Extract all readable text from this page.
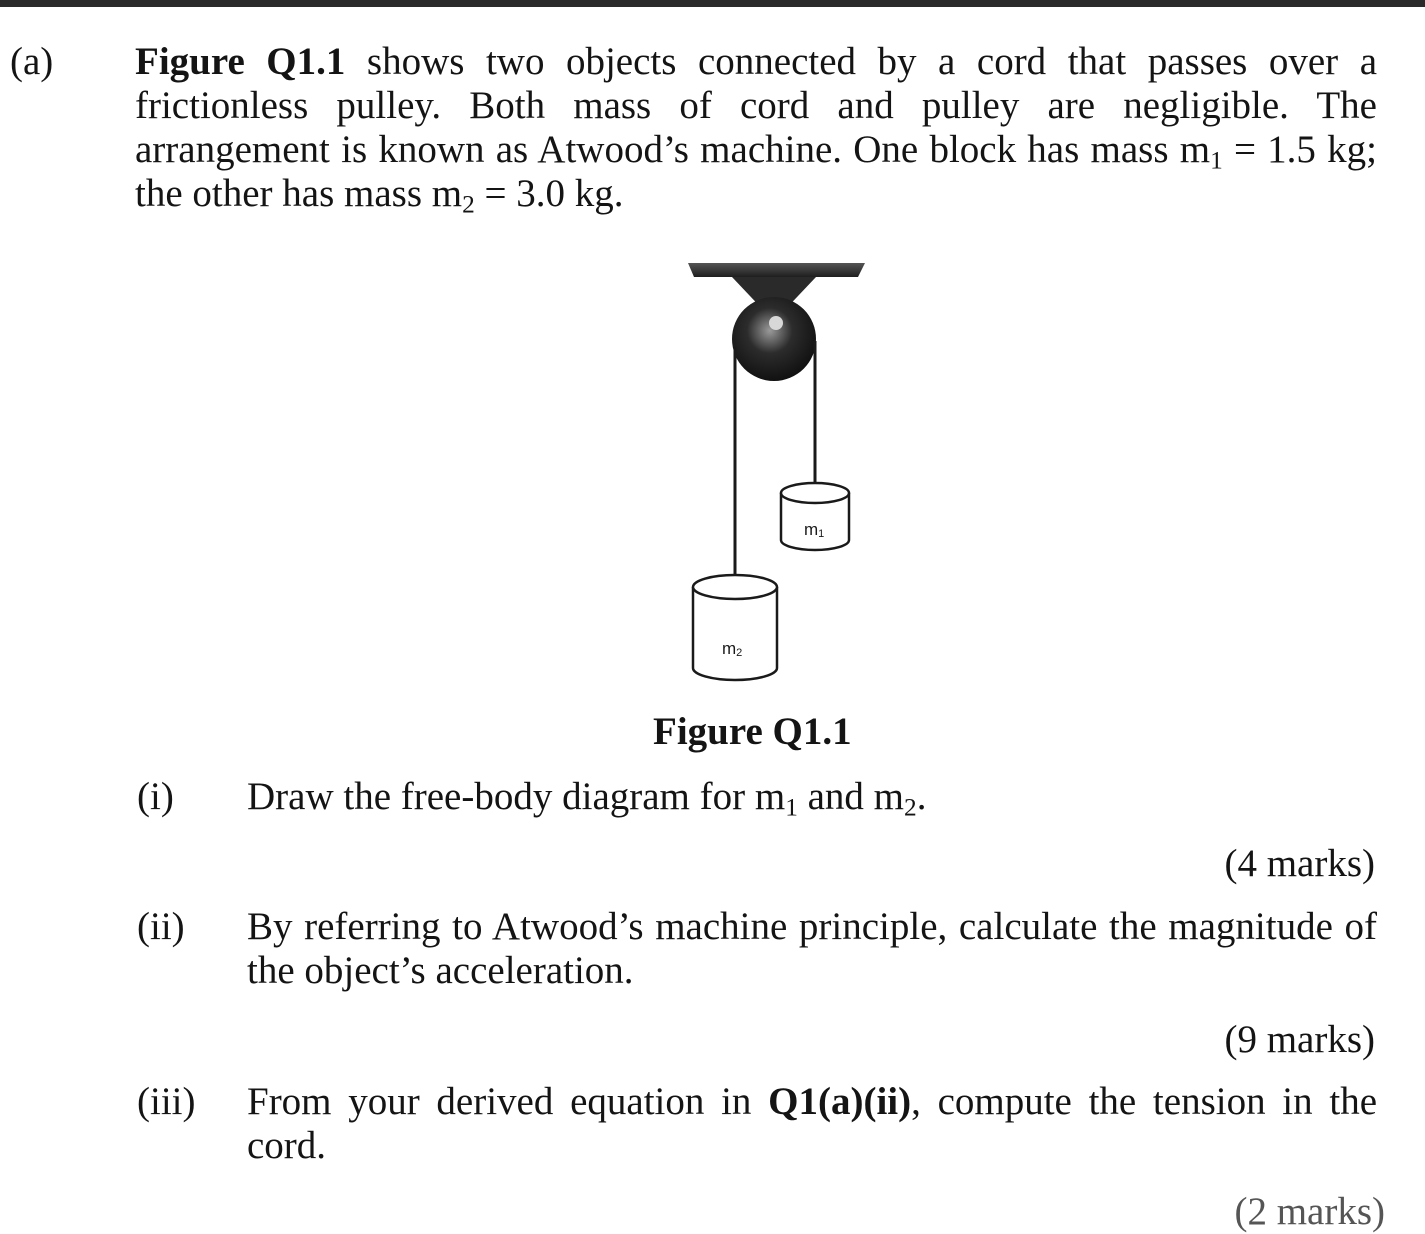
(a) Figure Q1.1 shows two objects connected by a cord that passes over a
frictionless pulley. Both mass of cord and pulley are negligible. The
arrangement is known as Atwood’s machine. One block has mass $m_1 = 1.5$ kg;
the other has mass $m_2 = 3.0$ kg.
m1
m2
Figure Q1.1
(i) Draw the free-body diagram for $m_1$ and $m_2$.
(4 marks)
(ii) By referring to Atwood’s machine principle, calculate the magnitude of
the object’s acceleration.
(9 marks)
(iii) From your derived equation in Q1(a)(ii), compute the tension in the
cord.
(2 marks)
